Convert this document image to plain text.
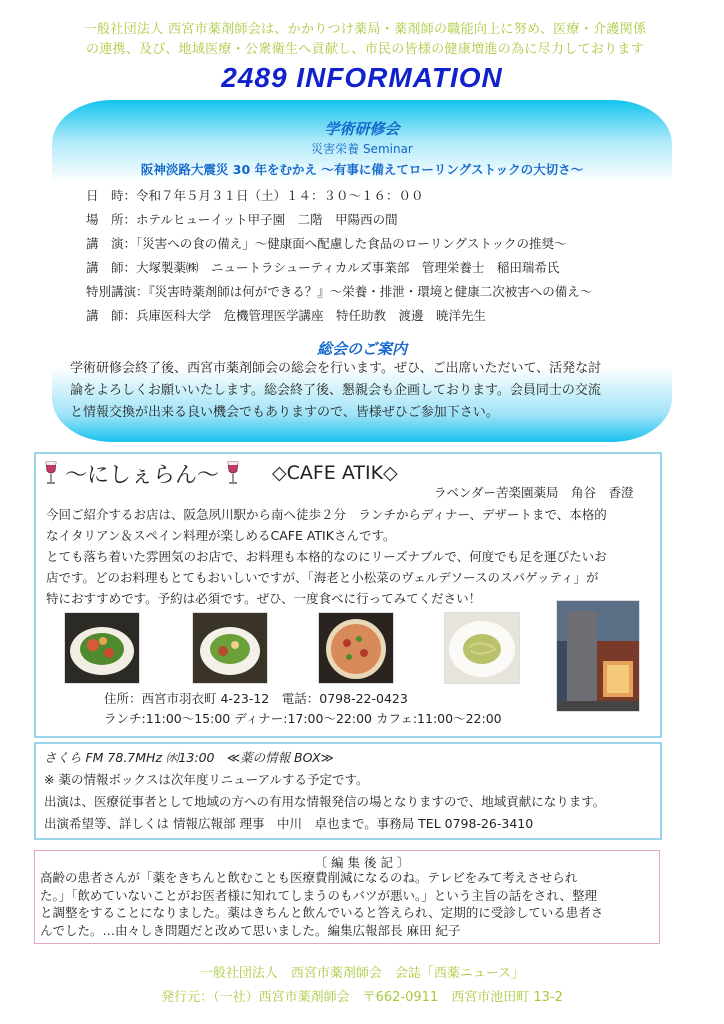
一般社団法人 西宮市薬剤師会は、かかりつけ薬局・薬剤師の職能向上に努め、医療・介護関係
の連携、及び、地域医療・公衆衛生へ貢献し、市民の皆様の健康増進の為に尽力しております
2489 INFORMATION
学術研修会
災害栄養 Seminar
阪神淡路大震災 30 年をむかえ ～有事に備えてローリングストックの大切さ～
日　時：令和７年５月３１日（土）１４：３０～１６：００
場　所：ホテルヒューイット甲子園　二階　甲陽西の間
講　演：「災害への食の備え」～健康面へ配慮した食品のローリングストックの推奨～
講　師：大塚製薬㈱　ニュートラシューティカルズ事業部　管理栄養士　稲田瑞希氏
特別講演：『災害時薬剤師は何ができる？』～栄養・排泄・環境と健康二次被害への備え～
講　師：兵庫医科大学　危機管理医学講座　特任助教　渡邊　暁洋先生
総会のご案内
学術研修会終了後、西宮市薬剤師会の総会を行います。ぜひ、ご出席いただいて、活発な討
論をよろしくお願いいたします。総会終了後、懇親会も企画しております。会員同士の交流
と情報交換が出来る良い機会でもありますので、皆様ぜひご参加下さい。
～にしぇらん～	◇CAFE ATIK◇
ラベンダー苦楽園薬局　角谷　香澄
今回ご紹介するお店は、阪急夙川駅から南へ徒歩２分　ランチからディナー、デザートまで、本格的
なイタリアン＆スペイン料理が楽しめるCAFE ATIKさんです。
とても落ち着いた雰囲気のお店で、お料理も本格的なのにリーズナブルで、何度でも足を運びたいお
店です。どのお料理もとてもおいしいですが、「海老と小松菜のヴェルデソースのスパゲッティ」が
特におすすめです。予約は必須です。ぜひ、一度食べに行ってみてください！
住所：西宮市羽衣町 4-23-12　電話：0798-22-0423
ランチ:11:00～15:00 ディナー:17:00～22:00 カフェ:11:00～22:00
さくら FM 78.7MHz ㈬13:00　≪薬の情報 BOX≫
※ 薬の情報ボックスは次年度リニューアルする予定です。
出演は、医療従事者として地域の方への有用な情報発信の場となりますので、地域貢献になります。
出演希望等、詳しくは 情報広報部 理事　中川　卓也まで。事務局 TEL 0798-26-3410
〔 編 集 後 記 〕
高齢の患者さんが「薬をきちんと飲むことも医療費削減になるのね。テレビをみて考えさせられ
た。」「飲めていないことがお医者様に知れてしまうのもバツが悪い。」という主旨の話をされ、整理
と調整をすることになりました。薬はきちんと飲んでいると答えられ、定期的に受診している患者さ
んでした。…由々しき問題だと改めて思いました。編集広報部長 麻田 紀子
一般社団法人　西宮市薬剤師会　会誌「西薬ニュース」
発行元：（一社）西宮市薬剤師会　〒662-0911　西宮市池田町 13-2
